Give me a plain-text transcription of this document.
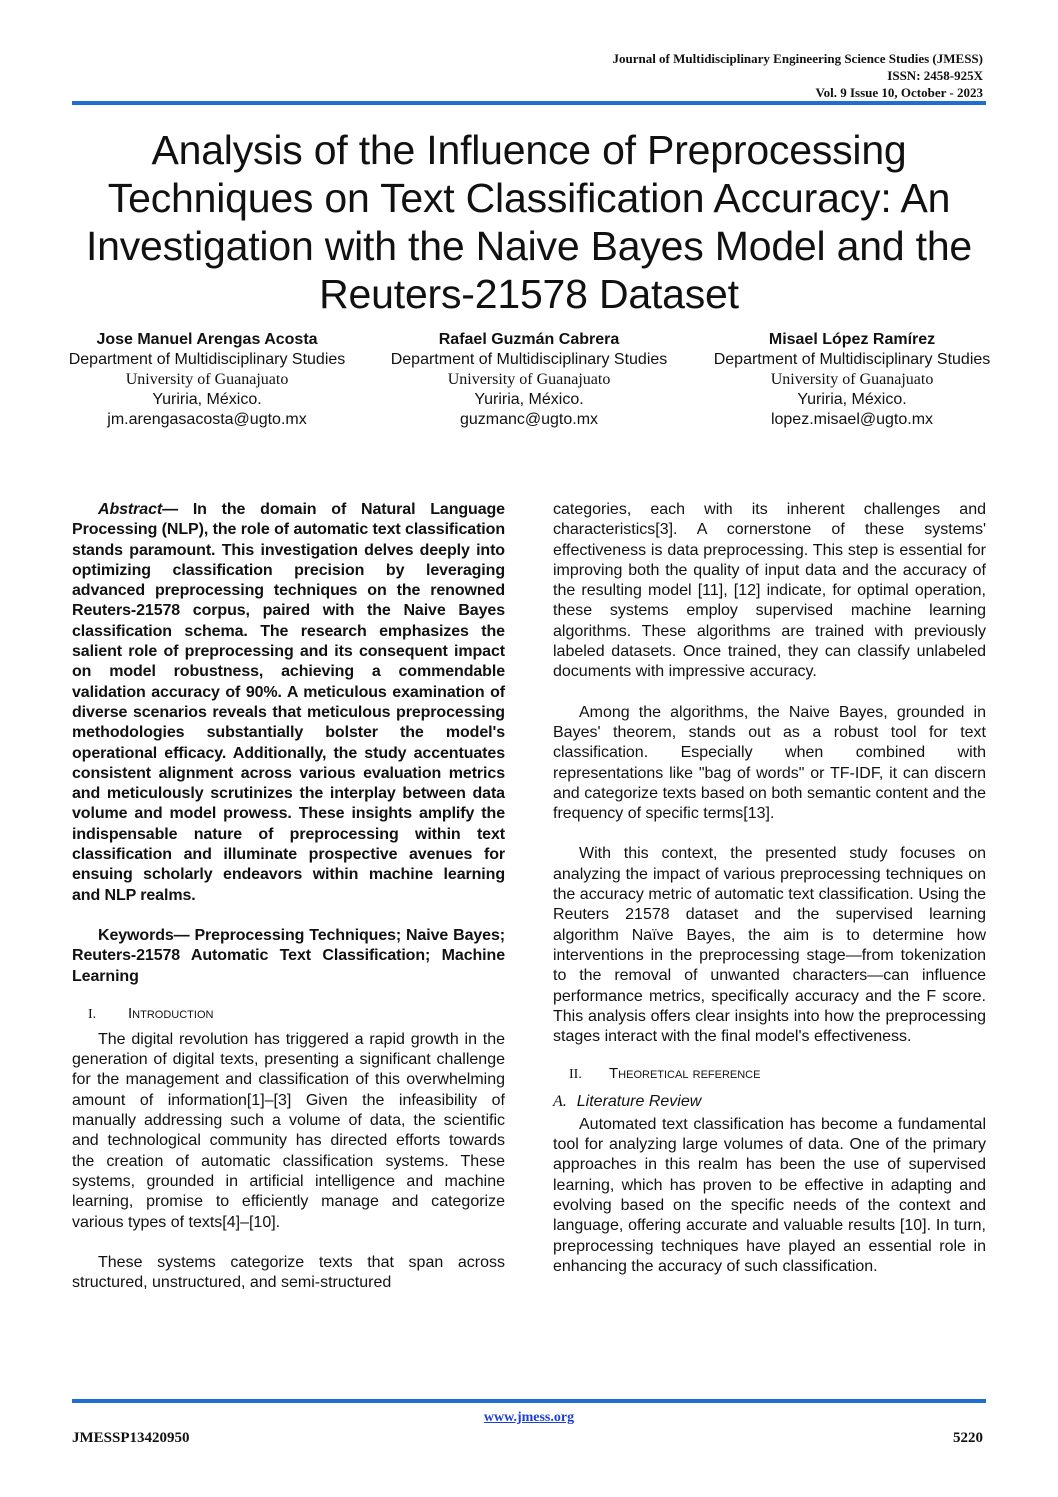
Journal of Multidisciplinary Engineering Science Studies (JMESS)
ISSN: 2458-925X
Vol. 9 Issue 10, October - 2023
Analysis of the Influence of Preprocessing Techniques on Text Classification Accuracy: An Investigation with the Naive Bayes Model and the Reuters-21578 Dataset
Jose Manuel Arengas Acosta
Department of Multidisciplinary Studies
University of Guanajuato
Yuriria, México.
jm.arengasacosta@ugto.mx
Rafael Guzmán Cabrera
Department of Multidisciplinary Studies
University of Guanajuato
Yuriria, México.
guzmanc@ugto.mx
Misael López Ramírez
Department of Multidisciplinary Studies
University of Guanajuato
Yuriria, México.
lopez.misael@ugto.mx

Abstract— In the domain of Natural Language Processing (NLP), the role of automatic text classification stands paramount. This investigation delves deeply into optimizing classification precision by leveraging advanced preprocessing techniques on the renowned Reuters-21578 corpus, paired with the Naive Bayes classification schema. The research emphasizes the salient role of preprocessing and its consequent impact on model robustness, achieving a commendable validation accuracy of 90%. A meticulous examination of diverse scenarios reveals that meticulous preprocessing methodologies substantially bolster the model's operational efficacy. Additionally, the study accentuates consistent alignment across various evaluation metrics and meticulously scrutinizes the interplay between data volume and model prowess. These insights amplify the indispensable nature of preprocessing within text classification and illuminate prospective avenues for ensuing scholarly endeavors within machine learning and NLP realms.

Keywords— Preprocessing Techniques; Naive Bayes; Reuters-21578 Automatic Text Classification; Machine Learning

I. Introduction

The digital revolution has triggered a rapid growth in the generation of digital texts, presenting a significant challenge for the management and classification of this overwhelming amount of information[1]–[3] Given the infeasibility of manually addressing such a volume of data, the scientific and technological community has directed efforts towards the creation of automatic classification systems. These systems, grounded in artificial intelligence and machine learning, promise to efficiently manage and categorize various types of texts[4]–[10].

These systems categorize texts that span across structured, unstructured, and semi-structured

categories, each with its inherent challenges and characteristics[3]. A cornerstone of these systems' effectiveness is data preprocessing. This step is essential for improving both the quality of input data and the accuracy of the resulting model [11], [12] indicate, for optimal operation, these systems employ supervised machine learning algorithms. These algorithms are trained with previously labeled datasets. Once trained, they can classify unlabeled documents with impressive accuracy.

Among the algorithms, the Naive Bayes, grounded in Bayes' theorem, stands out as a robust tool for text classification. Especially when combined with representations like "bag of words" or TF-IDF, it can discern and categorize texts based on both semantic content and the frequency of specific terms[13].

With this context, the presented study focuses on analyzing the impact of various preprocessing techniques on the accuracy metric of automatic text classification. Using the Reuters 21578 dataset and the supervised learning algorithm Naïve Bayes, the aim is to determine how interventions in the preprocessing stage—from tokenization to the removal of unwanted characters—can influence performance metrics, specifically accuracy and the F score. This analysis offers clear insights into how the preprocessing stages interact with the final model's effectiveness.

II. Theoretical reference
A. Literature Review

Automated text classification has become a fundamental tool for analyzing large volumes of data. One of the primary approaches in this realm has been the use of supervised learning, which has proven to be effective in adapting and evolving based on the specific needs of the context and language, offering accurate and valuable results [10]. In turn, preprocessing techniques have played an essential role in enhancing the accuracy of such classification.

www.jmess.org
JMESSP13420950	5220
